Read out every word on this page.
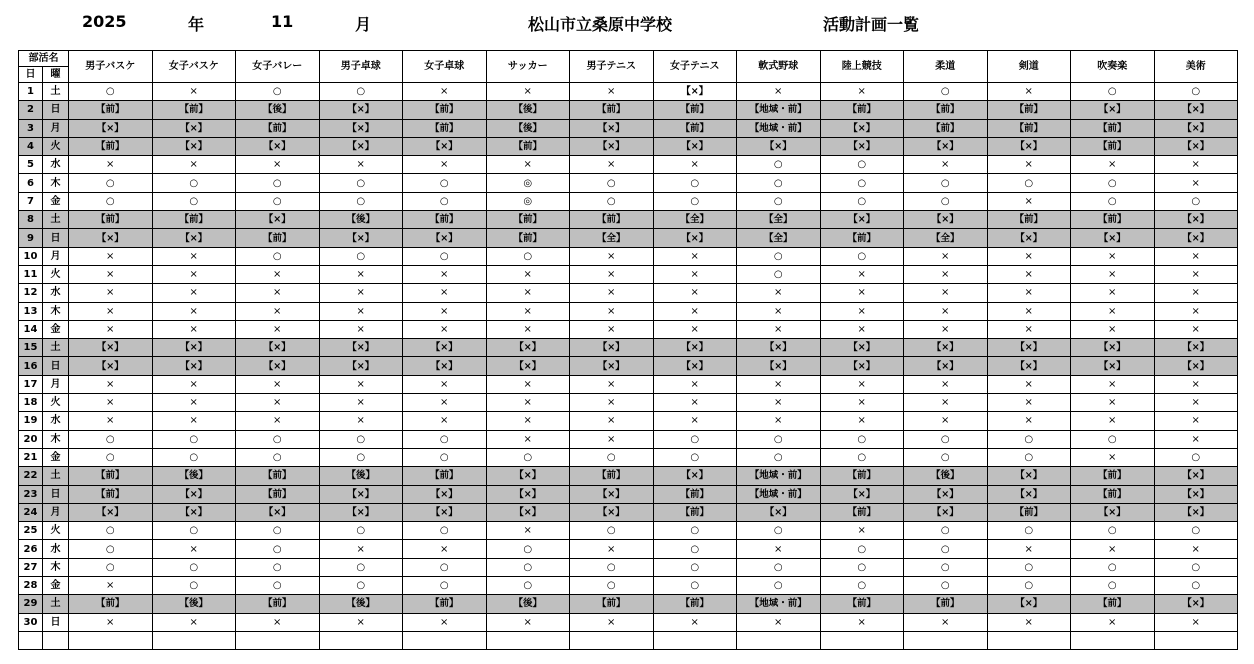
2025	年	11	月	松山市立桑原中学校	活動計画一覧
部活名		男子バスケ	女子バスケ	女子バレー	男子卓球	女子卓球	サッカー	男子テニス	女子テニス	軟式野球	陸上競技	柔道	剣道	吹奏楽	美術
日	曜														
1	土	○	×	○	○	×	×	×	【×】	×	×	○	×	○	○
2	日	【前】	【前】	【後】	【×】	【前】	【後】	【前】	【前】	【地域・前】	【前】	【前】	【前】	【×】	【×】
3	月	【×】	【×】	【前】	【×】	【前】	【後】	【×】	【前】	【地域・前】	【×】	【前】	【前】	【前】	【×】
4	火	【前】	【×】	【×】	【×】	【×】	【前】	【×】	【×】	【×】	【×】	【×】	【×】	【前】	【×】
5	水	×	×	×	×	×	×	×	×	○	○	×	×	×	×
6	木	○	○	○	○	○	◎	○	○	○	○	○	○	○	×
7	金	○	○	○	○	○	◎	○	○	○	○	○	×	○	○
8	土	【前】	【前】	【×】	【後】	【前】	【前】	【前】	【全】	【全】	【×】	【×】	【前】	【前】	【×】
9	日	【×】	【×】	【前】	【×】	【×】	【前】	【全】	【×】	【全】	【前】	【全】	【×】	【×】	【×】
10	月	×	×	○	○	○	○	×	×	○	○	×	×	×	×
11	火	×	×	×	×	×	×	×	×	○	×	×	×	×	×
12	水	×	×	×	×	×	×	×	×	×	×	×	×	×	×
13	木	×	×	×	×	×	×	×	×	×	×	×	×	×	×
14	金	×	×	×	×	×	×	×	×	×	×	×	×	×	×
15	土	【×】	【×】	【×】	【×】	【×】	【×】	【×】	【×】	【×】	【×】	【×】	【×】	【×】	【×】
16	日	【×】	【×】	【×】	【×】	【×】	【×】	【×】	【×】	【×】	【×】	【×】	【×】	【×】	【×】
17	月	×	×	×	×	×	×	×	×	×	×	×	×	×	×
18	火	×	×	×	×	×	×	×	×	×	×	×	×	×	×
19	水	×	×	×	×	×	×	×	×	×	×	×	×	×	×
20	木	○	○	○	○	○	×	×	○	○	○	○	○	○	×
21	金	○	○	○	○	○	○	○	○	○	○	○	○	×	○
22	土	【前】	【後】	【前】	【後】	【前】	【×】	【前】	【×】	【地域・前】	【前】	【後】	【×】	【前】	【×】
23	日	【前】	【×】	【前】	【×】	【×】	【×】	【×】	【前】	【地域・前】	【×】	【×】	【×】	【前】	【×】
24	月	【×】	【×】	【×】	【×】	【×】	【×】	【×】	【前】	【×】	【前】	【×】	【前】	【×】	【×】
25	火	○	○	○	○	○	×	○	○	○	×	○	○	○	○
26	水	○	×	○	×	×	○	×	○	×	○	○	×	×	×
27	木	○	○	○	○	○	○	○	○	○	○	○	○	○	○
28	金	×	○	○	○	○	○	○	○	○	○	○	○	○	○
29	土	【前】	【後】	【前】	【後】	【前】	【後】	【前】	【前】	【地域・前】	【前】	【前】	【×】	【前】	【×】
30	日	×	×	×	×	×	×	×	×	×	×	×	×	×	×
